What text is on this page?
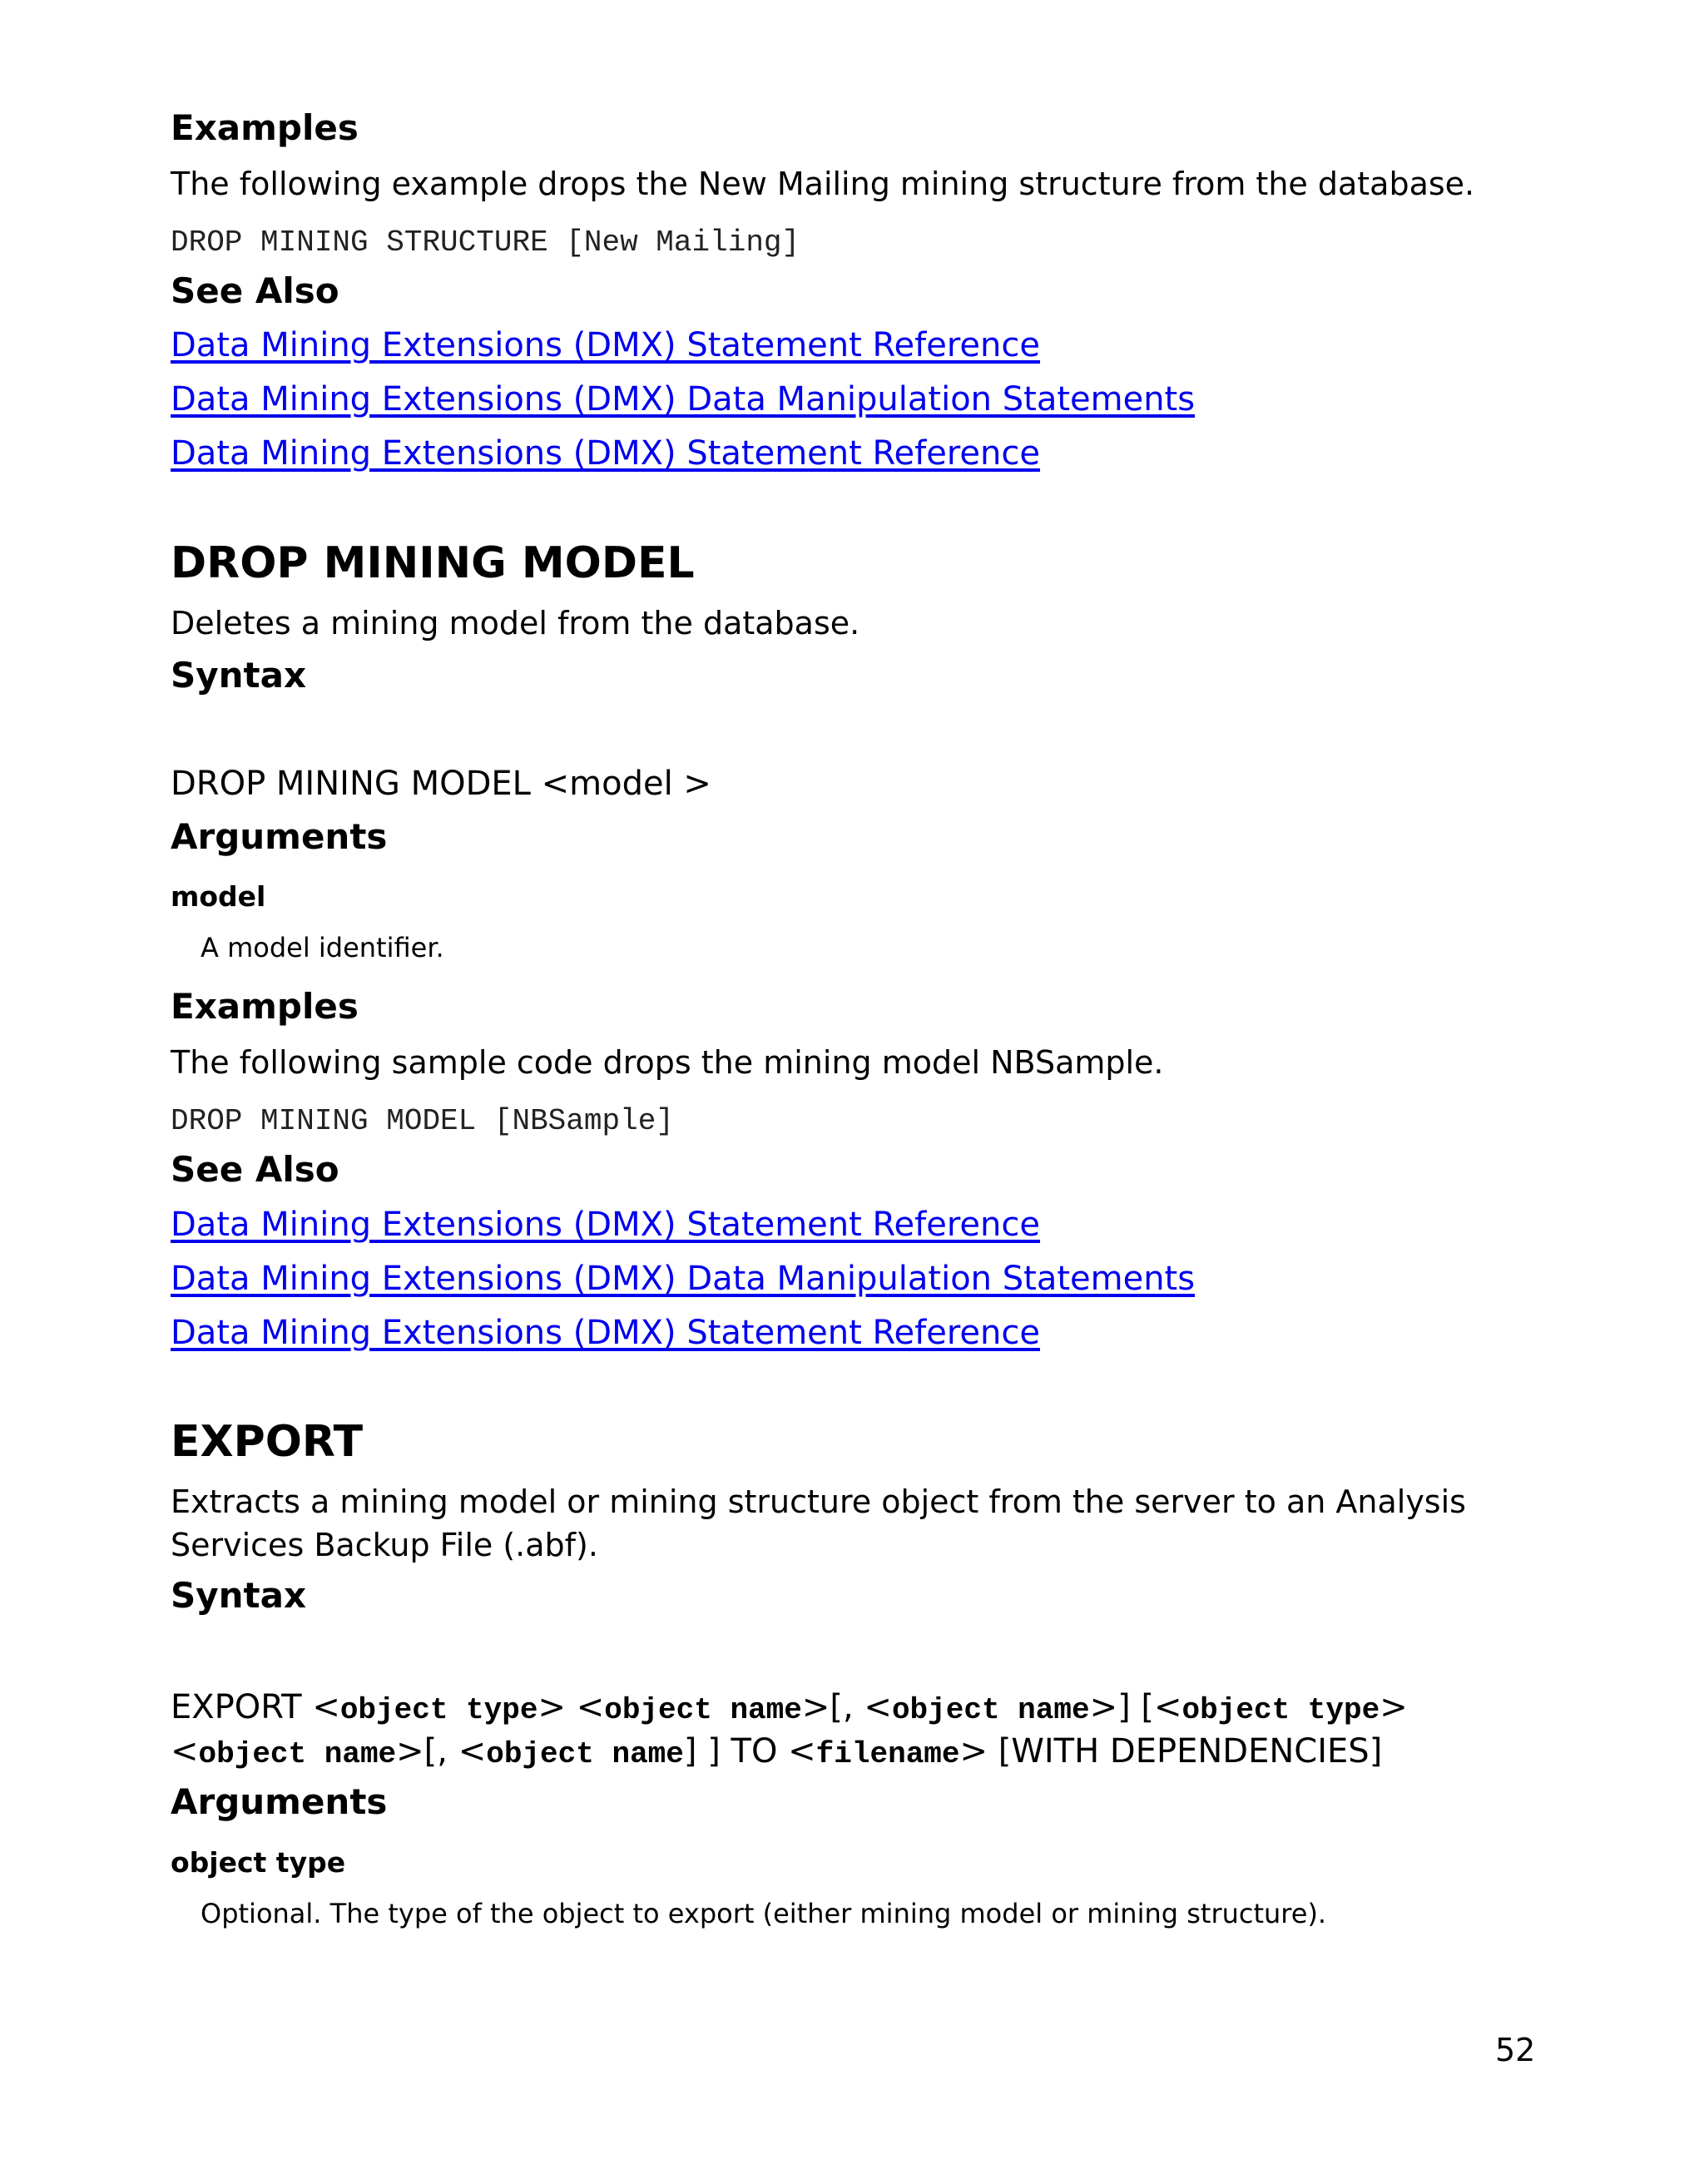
Examples
The following example drops the New Mailing mining structure from the database.
DROP MINING STRUCTURE [New Mailing]
See Also
Data Mining Extensions (DMX) Statement Reference
Data Mining Extensions (DMX) Data Manipulation Statements
Data Mining Extensions (DMX) Statement Reference
DROP MINING MODEL
Deletes a mining model from the database.
Syntax
DROP MINING MODEL <model >
Arguments
model
A model identifier.
Examples
The following sample code drops the mining model NBSample.
DROP MINING MODEL [NBSample]
See Also
Data Mining Extensions (DMX) Statement Reference
Data Mining Extensions (DMX) Data Manipulation Statements
Data Mining Extensions (DMX) Statement Reference
EXPORT
Extracts a mining model or mining structure object from the server to an Analysis
Services Backup File (.abf).
Syntax
EXPORT <object type> <object name>[, <object name>] [<object type>
<object name>[, <object name] ] TO <filename> [WITH DEPENDENCIES]
Arguments
object type
Optional. The type of the object to export (either mining model or mining structure).
52
